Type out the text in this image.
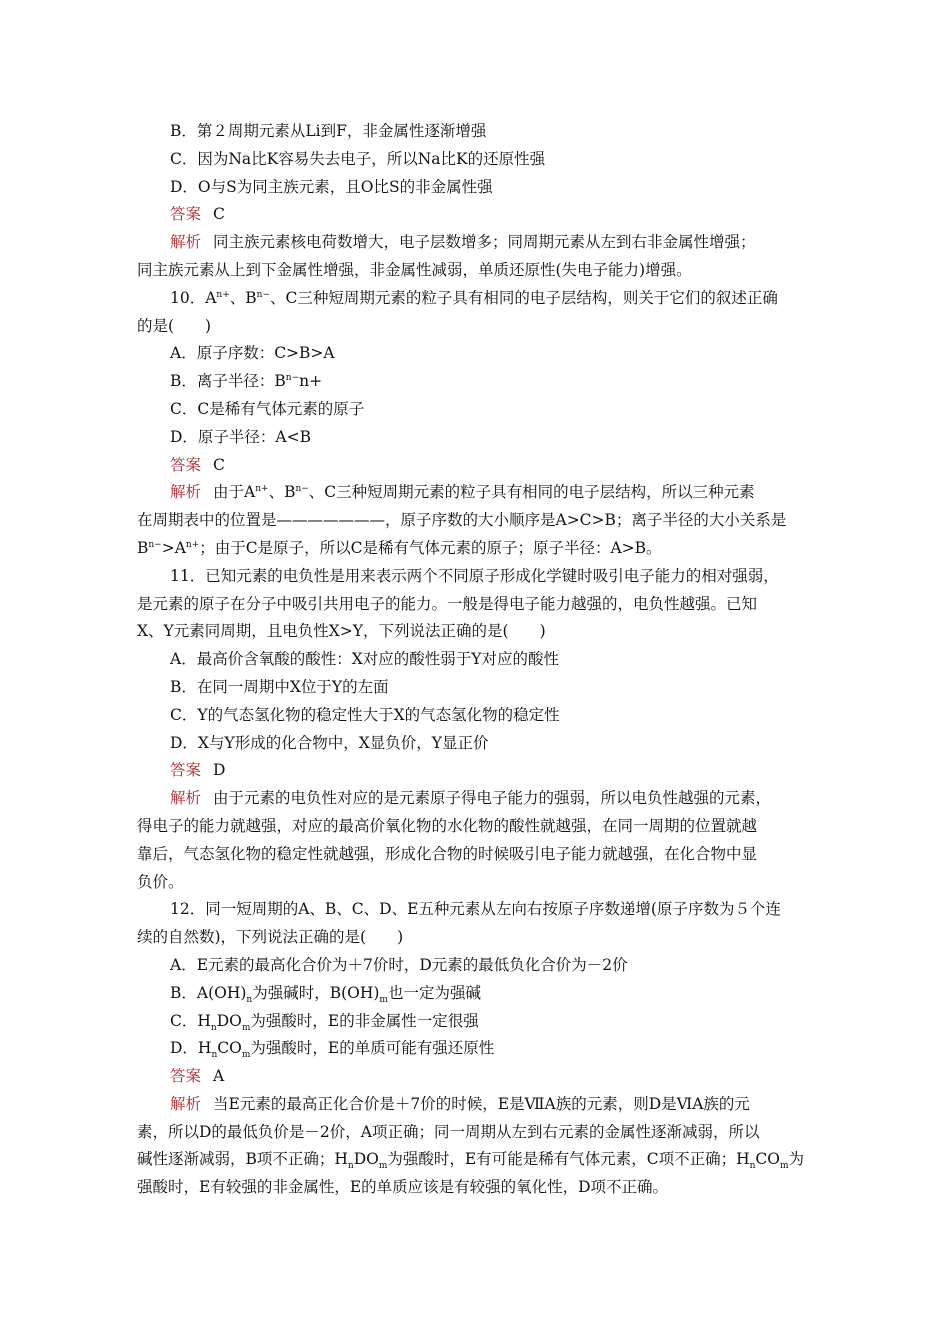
B．第２周期元素从Li到F，非金属性逐渐增强
C．因为Na比K容易失去电子，所以Na比K的还原性强
D．O与S为同主族元素，且O比S的非金属性强
答案 C
解析 同主族元素核电荷数增大，电子层数增多；同周期元素从左到右非金属性增强；
同主族元素从上到下金属性增强，非金属性减弱，单质还原性(失电子能力)增强。
10．$A^{n+}$、$B^{n-}$、C三种短周期元素的粒子具有相同的电子层结构，则关于它们的叙述正确
的是(　　)
A．原子序数：C>B>A
B．离子半径：$B^{n-}n+$
C．C是稀有气体元素的原子
D．原子半径：A<B
答案 C
解析 由于$A^{n+}$、$B^{n-}$、C三种短周期元素的粒子具有相同的电子层结构，所以三种元素
在周期表中的位置是———————，原子序数的大小顺序是A>C>B；离子半径的大小关系是
$B^{n-}>A^{n+}$；由于C是原子，所以C是稀有气体元素的原子；原子半径：A>B。
11．已知元素的电负性是用来表示两个不同原子形成化学键时吸引电子能力的相对强弱，
是元素的原子在分子中吸引共用电子的能力。一般是得电子能力越强的，电负性越强。已知
X、Y元素同周期，且电负性X>Y，下列说法正确的是(　　)
A．最高价含氧酸的酸性：X对应的酸性弱于Y对应的酸性
B．在同一周期中X位于Y的左面
C．Y的气态氢化物的稳定性大于X的气态氢化物的稳定性
D．X与Y形成的化合物中，X显负价，Y显正价
答案 D
解析 由于元素的电负性对应的是元素原子得电子能力的强弱，所以电负性越强的元素，
得电子的能力就越强，对应的最高价氧化物的水化物的酸性就越强，在同一周期的位置就越
靠后，气态氢化物的稳定性就越强，形成化合物的时候吸引电子能力就越强，在化合物中显
负价。
12．同一短周期的A、B、C、D、E五种元素从左向右按原子序数递增(原子序数为５个连
续的自然数)，下列说法正确的是(　　)
A．E元素的最高化合价为＋7价时，D元素的最低负化合价为－2价
B．$A(OH)_n$为强碱时，$B(OH)_m$也一定为强碱
C．$H_nDO_m$为强酸时，E的非金属性一定很强
D．$H_nCO_m$为强酸时，E的单质可能有强还原性
答案 A
解析 当E元素的最高正化合价是＋7价的时候，E是ⅦA族的元素，则D是ⅥA族的元
素，所以D的最低负价是－2价，A项正确；同一周期从左到右元素的金属性逐渐减弱，所以
碱性逐渐减弱，B项不正确；$H_nDO_m$为强酸时，E有可能是稀有气体元素，C项不正确；$H_nCO_m$为
强酸时，E有较强的非金属性，E的单质应该是有较强的氧化性，D项不正确。
